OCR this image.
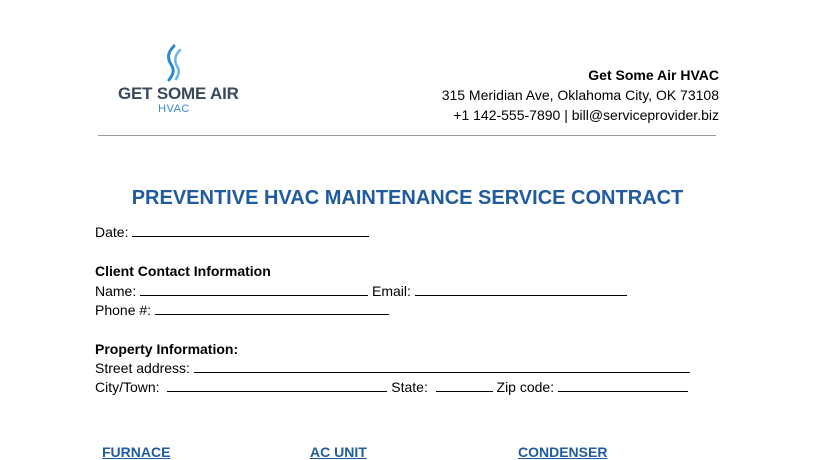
GET SOME AIR
HVAC
Get Some Air HVAC
315 Meridian Ave, Oklahoma City, OK 73108
+1 142-555-7890 | bill@serviceprovider.biz
PREVENTIVE HVAC MAINTENANCE SERVICE CONTRACT
Date:
Client Contact Information
Name:	Email:
Phone #:
Property Information:
Street address:
City/Town:	State:	Zip code:
FURNACE	AC UNIT	CONDENSER
